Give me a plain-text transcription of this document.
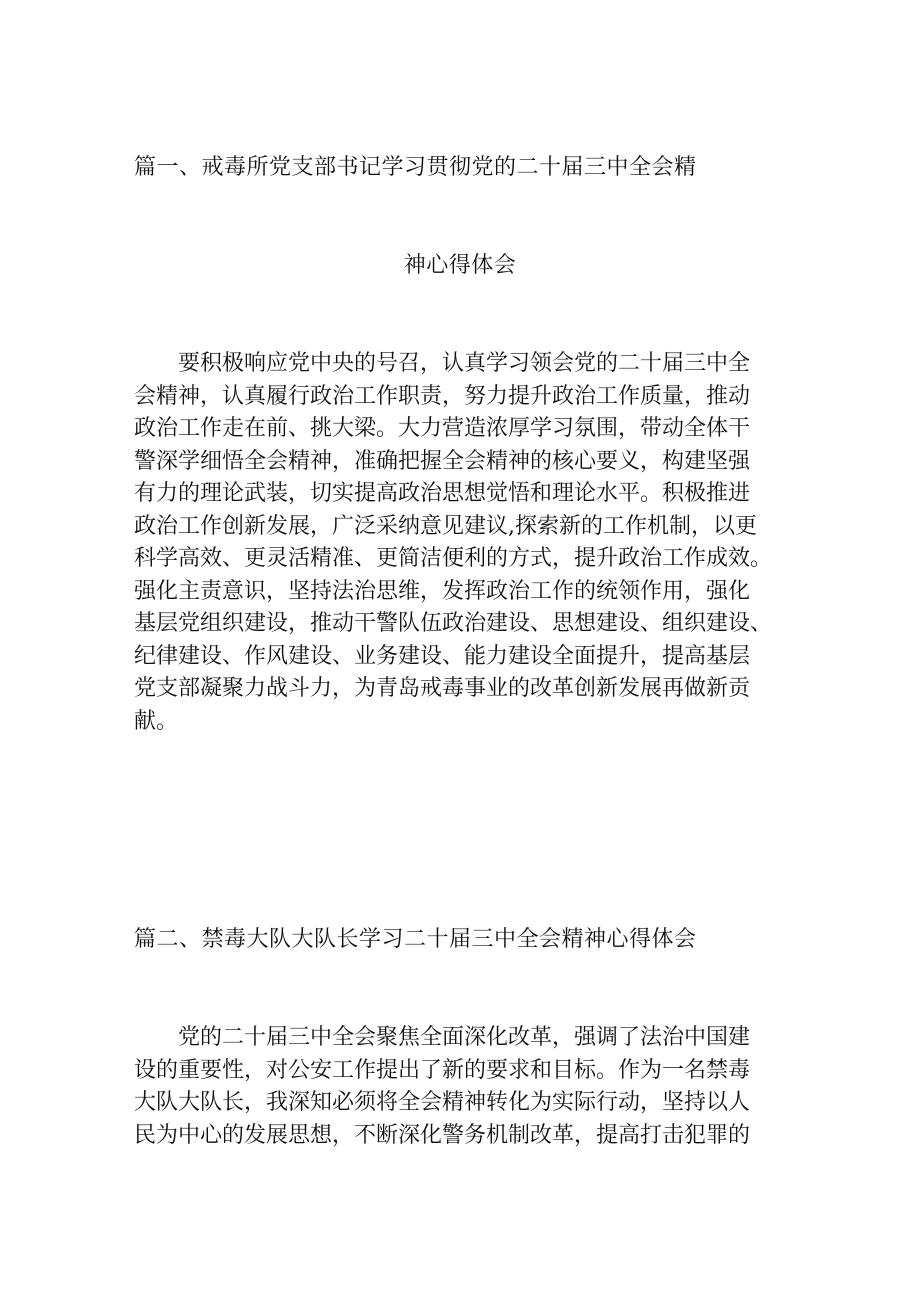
篇一、戒毒所党支部书记学习贯彻党的二十届三中全会精
神心得体会

要积极响应党中央的号召，认真学习领会党的二十届三中全
会精神，认真履行政治工作职责，努力提升政治工作质量，推动
政治工作走在前、挑大梁。大力营造浓厚学习氛围，带动全体干
警深学细悟全会精神，准确把握全会精神的核心要义，构建坚强
有力的理论武装，切实提高政治思想觉悟和理论水平。积极推进
政治工作创新发展，广泛采纳意见建议,探索新的工作机制，以更
科学高效、更灵活精准、更简洁便利的方式，提升政治工作成效。
强化主责意识，坚持法治思维，发挥政治工作的统领作用，强化
基层党组织建设，推动干警队伍政治建设、思想建设、组织建设、
纪律建设、作风建设、业务建设、能力建设全面提升，提高基层
党支部凝聚力战斗力，为青岛戒毒事业的改革创新发展再做新贡
献。

篇二、禁毒大队大队长学习二十届三中全会精神心得体会

党的二十届三中全会聚焦全面深化改革，强调了法治中国建
设的重要性，对公安工作提出了新的要求和目标。作为一名禁毒
大队大队长，我深知必须将全会精神转化为实际行动，坚持以人
民为中心的发展思想，不断深化警务机制改革，提高打击犯罪的
